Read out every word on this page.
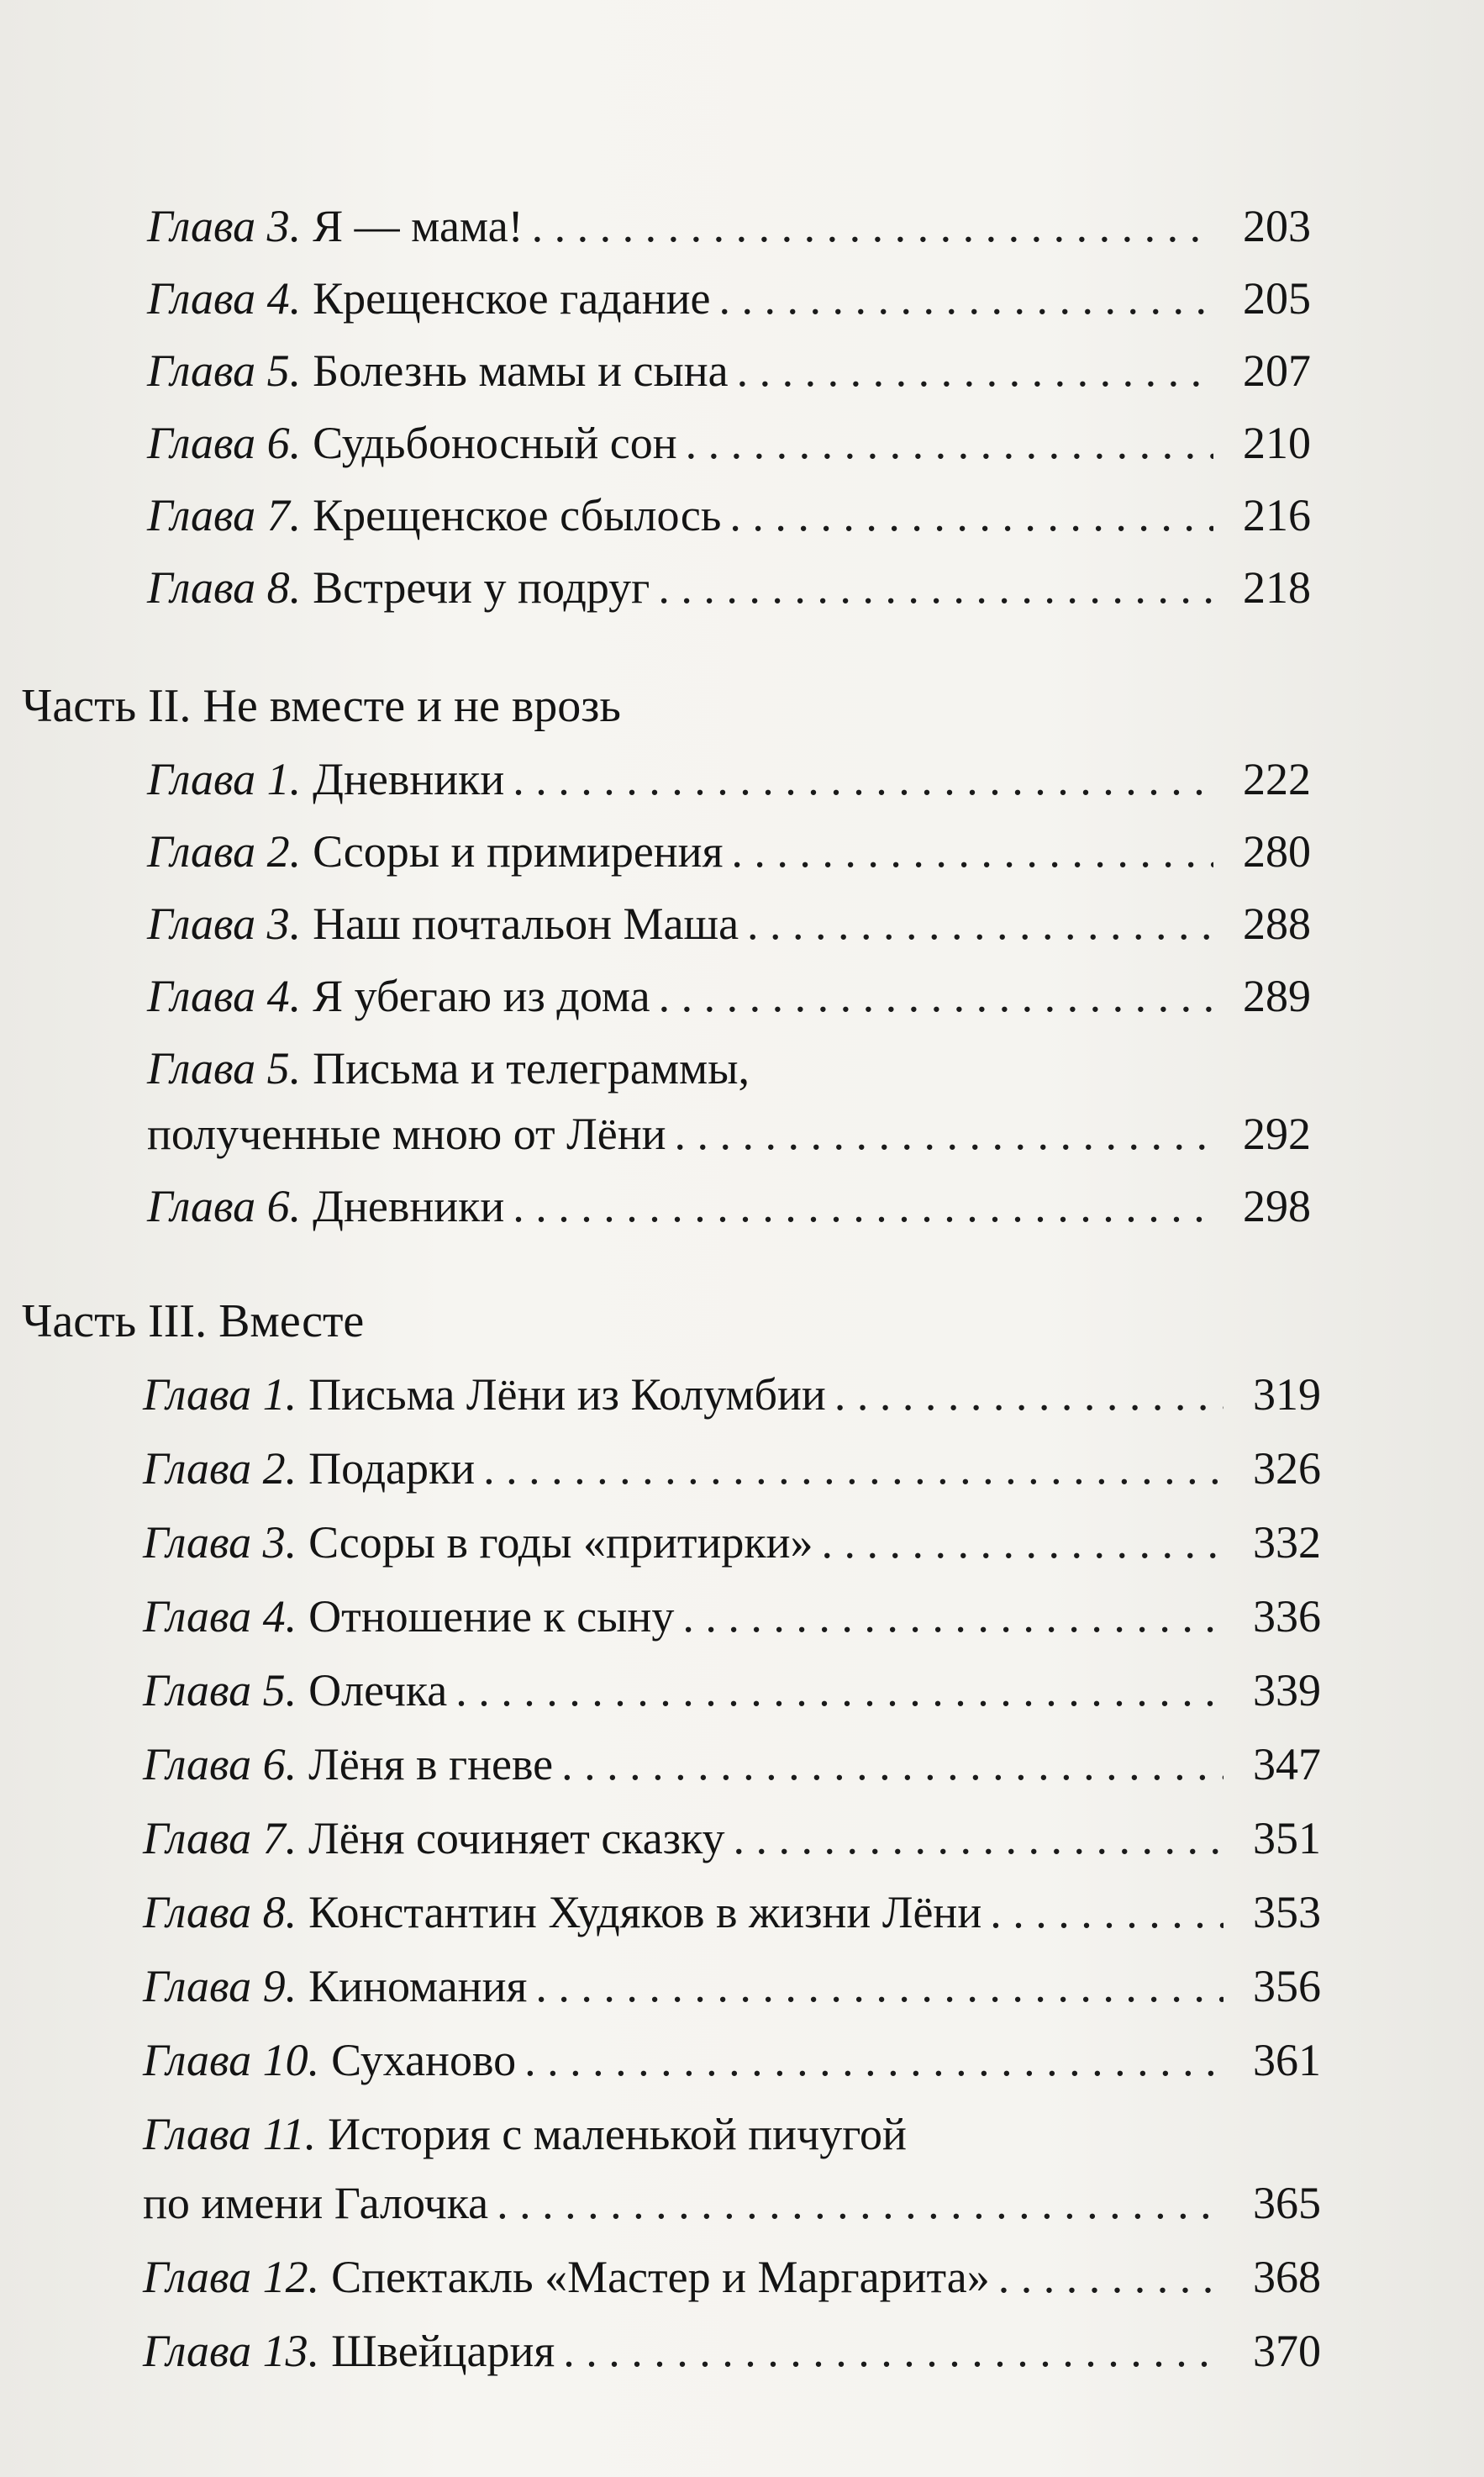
Глава 3. Я — мама! . . .	203
Глава 4. Крещенское гадание . . .	205
Глава 5. Болезнь мамы и сына . . .	207
Глава 6. Судьбоносный сон . . .	210
Глава 7. Крещенское сбылось . . .	216
Глава 8. Встречи у подруг . . .	218
Часть II. Не вместе и не врозь
Глава 1. Дневники . . .	222
Глава 2. Ссоры и примирения . . .	280
Глава 3. Наш почтальон Маша . . .	288
Глава 4. Я убегаю из дома . . .	289
Глава 5. Письма и телеграммы,
полученные мною от Лёни . . .	292
Глава 6. Дневники . . .	298
Часть III. Вместе
Глава 1. Письма Лёни из Колумбии . . .	319
Глава 2. Подарки . . .	326
Глава 3. Ссоры в годы «притирки» . . .	332
Глава 4. Отношение к сыну . . .	336
Глава 5. Олечка . . .	339
Глава 6. Лёня в гневе . . .	347
Глава 7. Лёня сочиняет сказку . . .	351
Глава 8. Константин Худяков в жизни Лёни . . .	353
Глава 9. Киномания . . .	356
Глава 10. Суханово . . .	361
Глава 11. История с маленькой пичугой
по имени Галочка . . .	365
Глава 12. Спектакль «Мастер и Маргарита» . . .	368
Глава 13. Швейцария . . .	370
